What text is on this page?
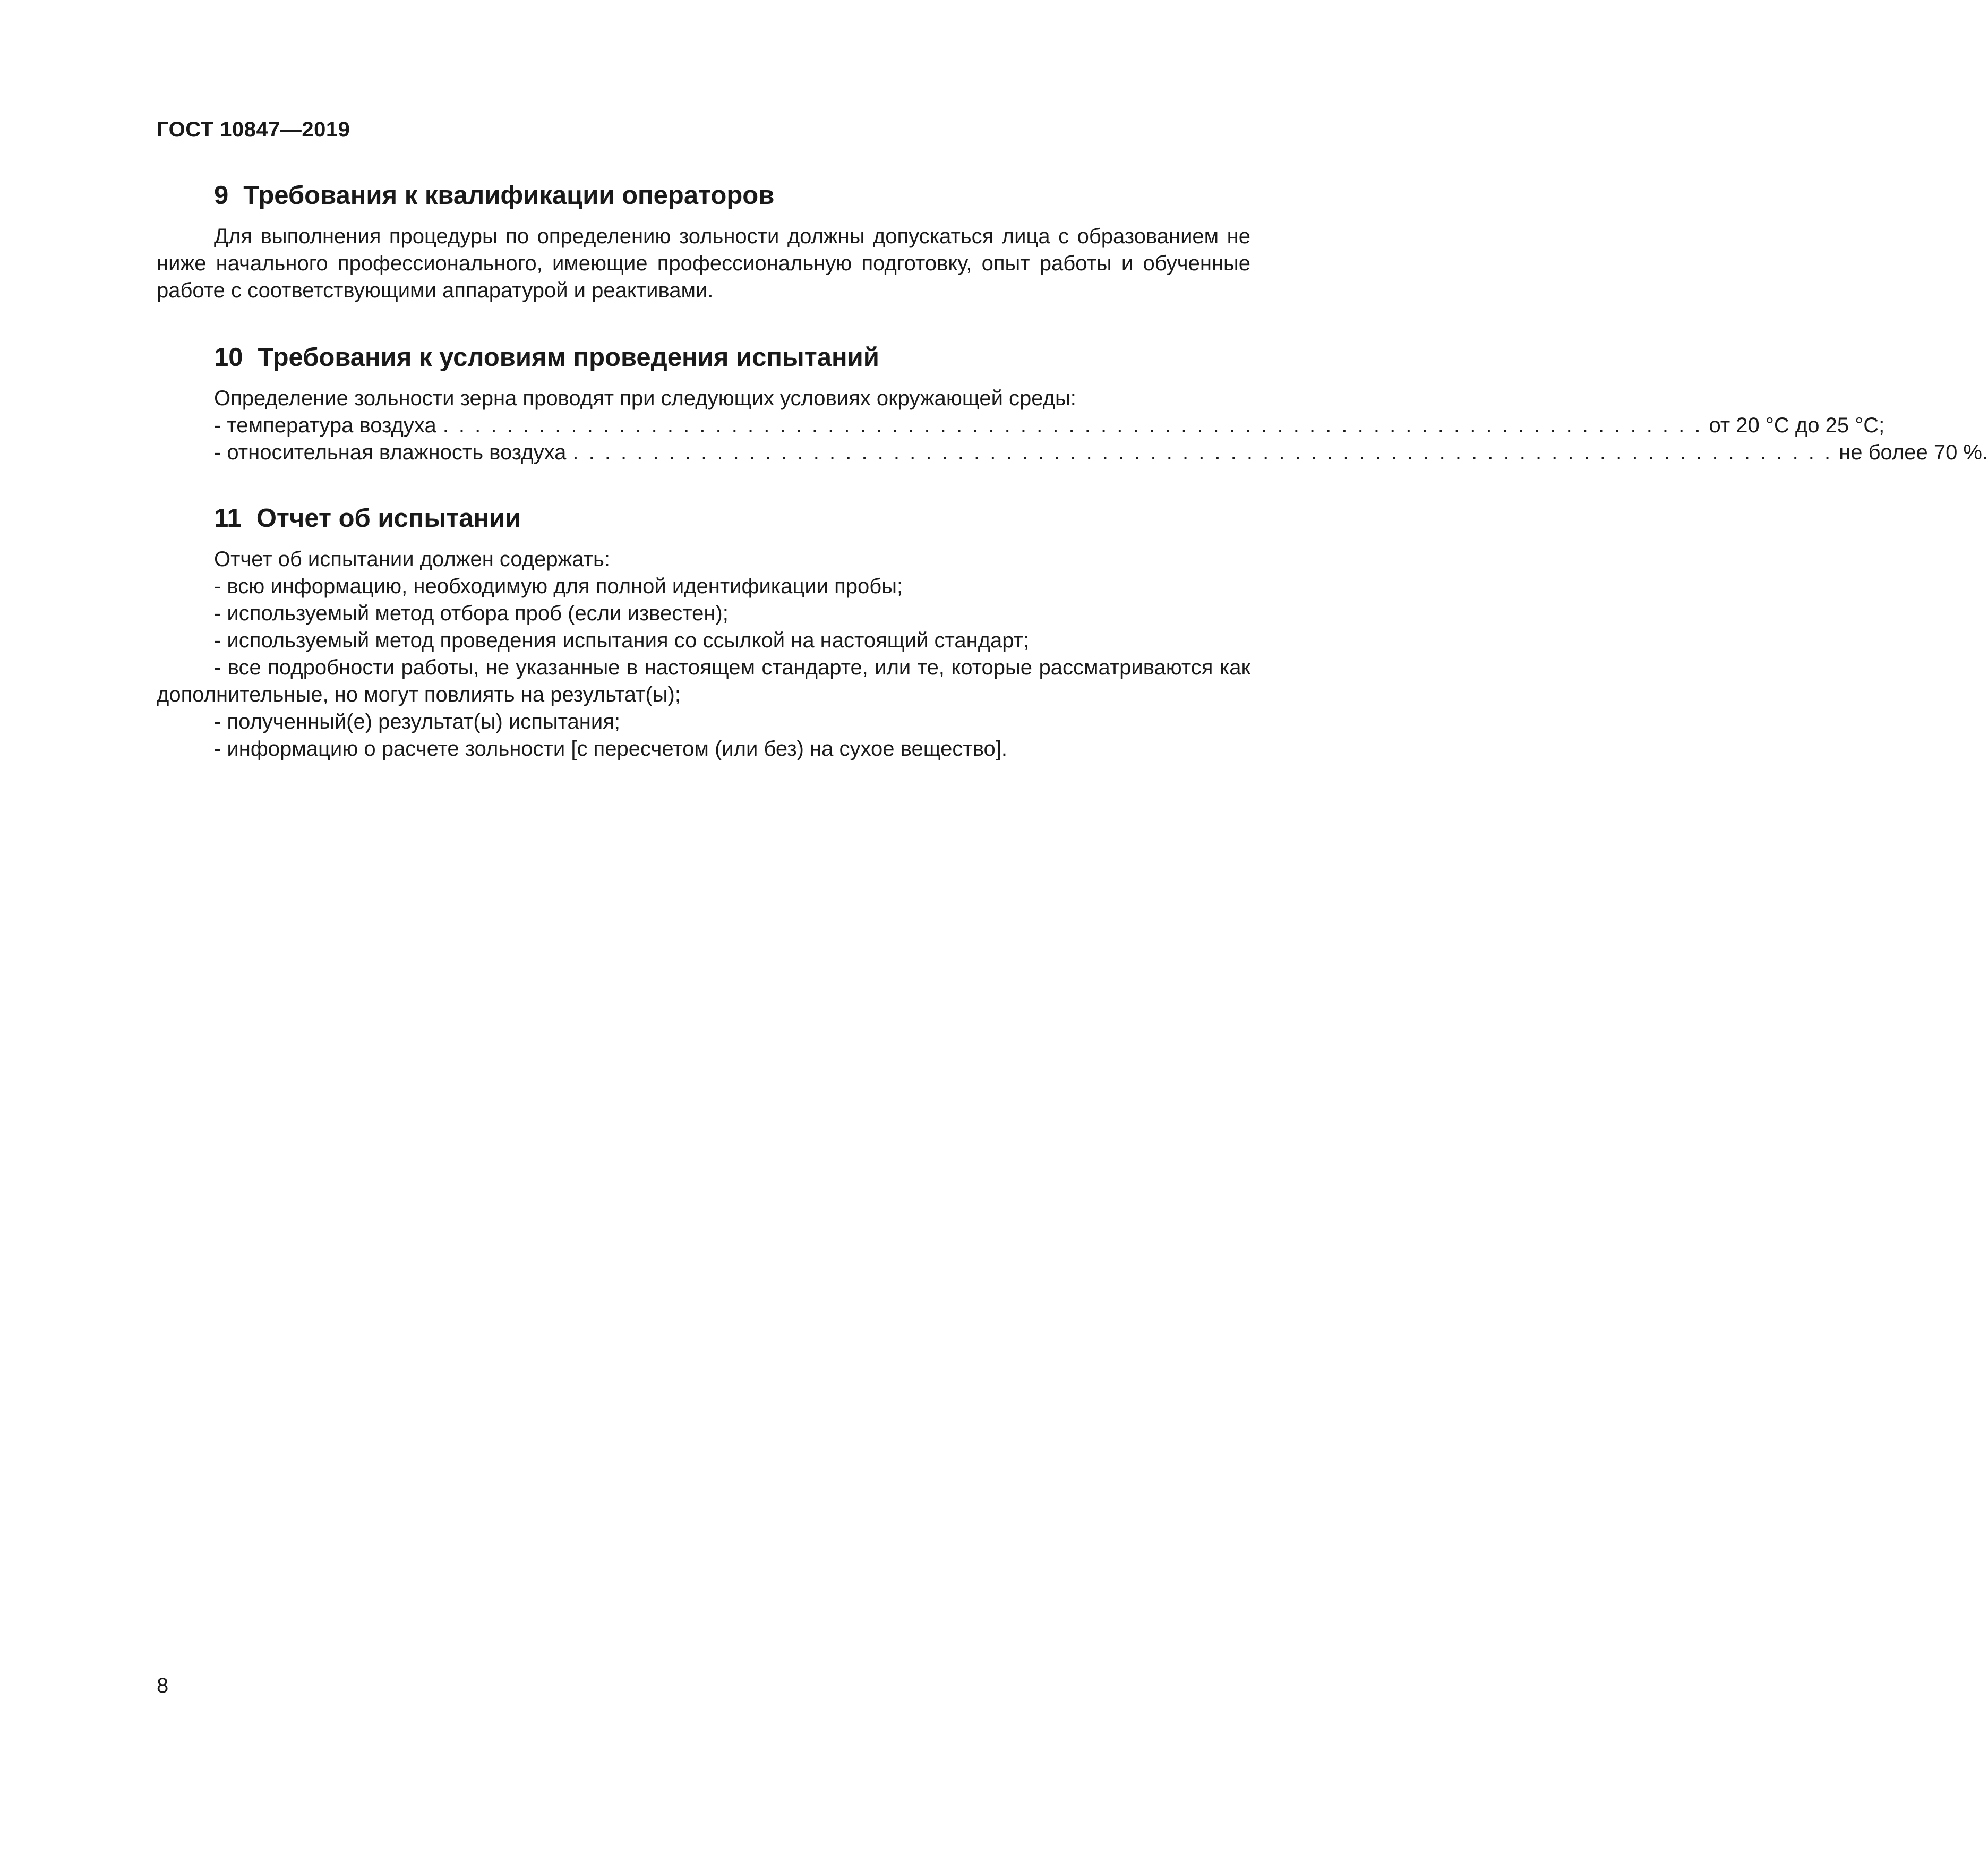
ГОСТ 10847—2019
9 Требования к квалификации операторов

Для выполнения процедуры по определению зольности должны допускаться лица с образованием не ниже начального профессионального, имеющие профессиональную подготовку, опыт работы и обученные работе с соответствующими аппаратурой и реактивами.

10 Требования к условиям проведения испытаний

Определение зольности зерна проводят при следующих условиях окружающей среды:

- температура воздуха . . . . . . . . . . . . . . . . . . . . . . . . . . . . . . . . . . . . . . . . . . . . . . . . . . . . . . . . . . . . . . . . . . . . . . . . . . . . . . . от 20 °С до 25 °С;
- относительная влажность воздуха . . . . . . . . . . . . . . . . . . . . . . . . . . . . . . . . . . . . . . . . . . . . . . . . . . . . . . . . . . . . . . . . . . . . . . . . . . . . . . . не более 70 %.
11 Отчет об испытании

Отчет об испытании должен содержать:

- всю информацию, необходимую для полной идентификации пробы;

- используемый метод отбора проб (если известен);

- используемый метод проведения испытания со ссылкой на настоящий стандарт;

- все подробности работы, не указанные в настоящем стандарте, или те, которые рассматриваются как дополнительные, но могут повлиять на результат(ы);

- полученный(е) результат(ы) испытания;

- информацию о расчете зольности [с пересчетом (или без) на сухое вещество].

8
